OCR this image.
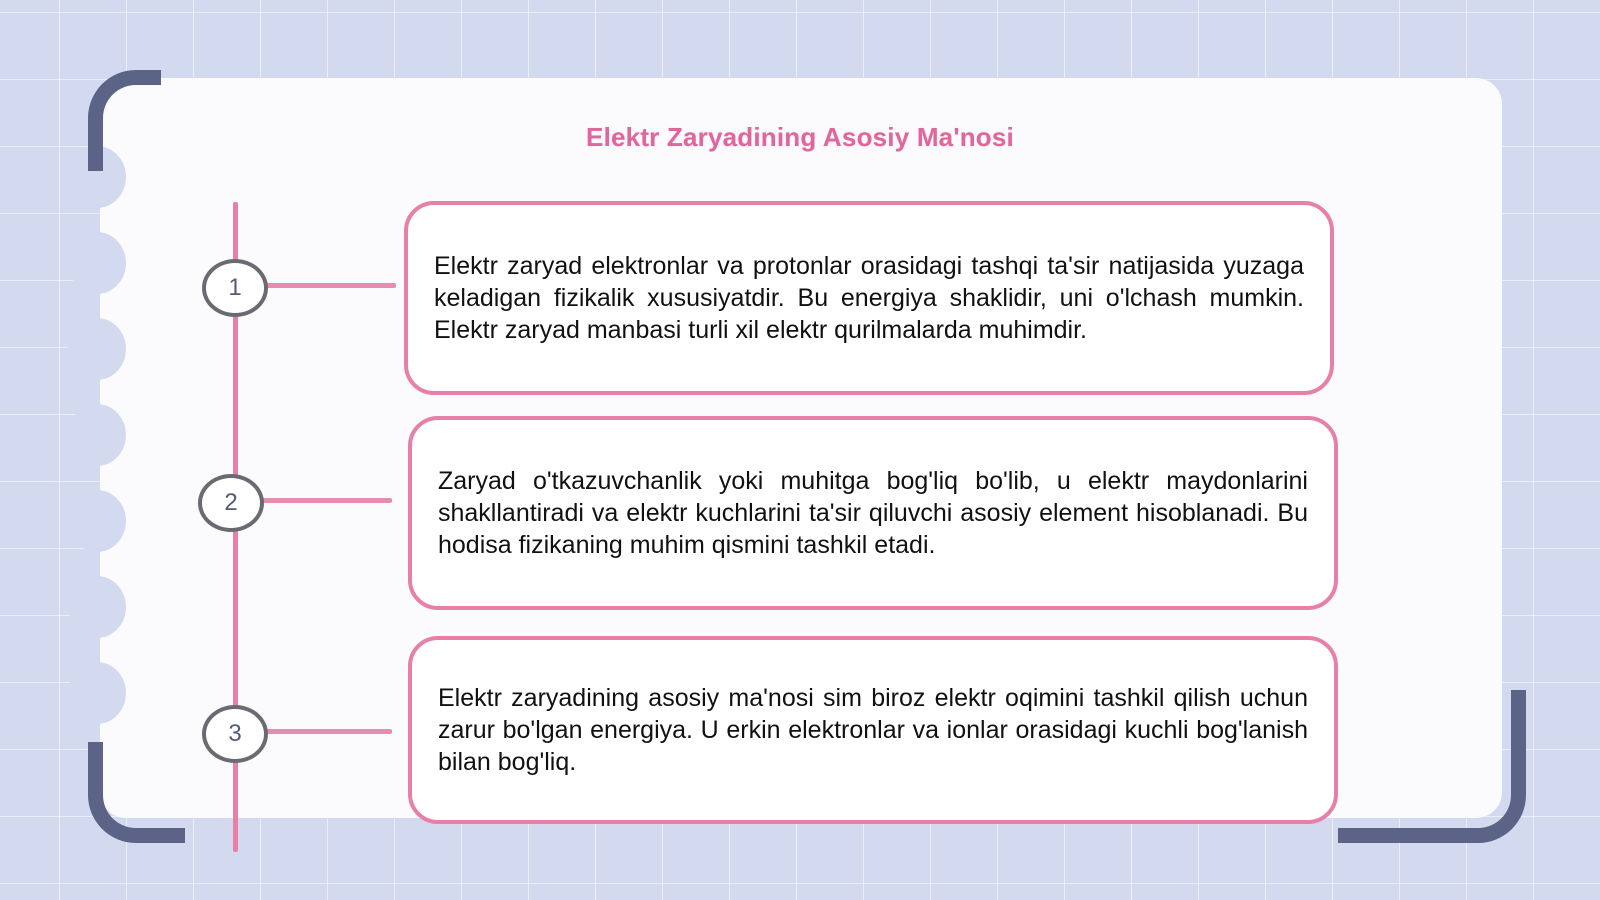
Elektr Zaryadining Asosiy Ma'nosi
1
2
3
Elektr zaryad elektronlar va protonlar orasidagi tashqi ta'sir natijasida yuzaga keladigan fizikalik xususiyatdir. Bu energiya shaklidir, uni o'lchash mumkin. Elektr zaryad manbasi turli xil elektr qurilmalarda muhimdir.
Zaryad o'tkazuvchanlik yoki muhitga bog'liq bo'lib, u elektr maydonlarini shakllantiradi va elektr kuchlarini ta'sir qiluvchi asosiy element hisoblanadi. Bu hodisa fizikaning muhim qismini tashkil etadi.
Elektr zaryadining asosiy ma'nosi sim biroz elektr oqimini tashkil qilish uchun zarur bo'lgan energiya. U erkin elektronlar va ionlar orasidagi kuchli bog'lanish bilan bog'liq.
